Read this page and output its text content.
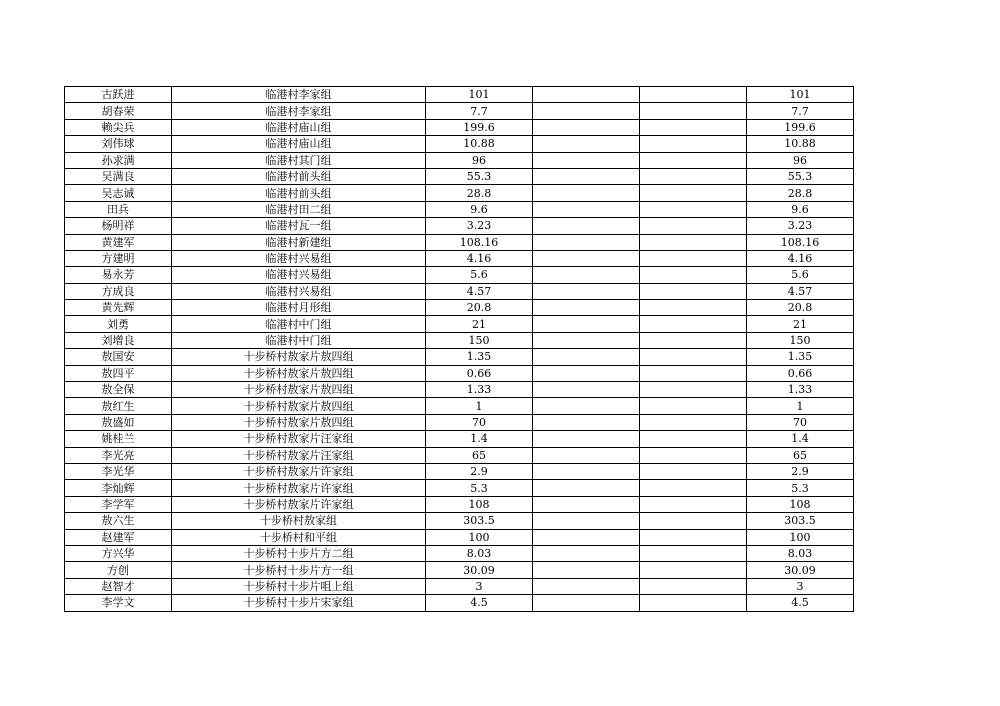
古跃进	临港村李家组	101			101
胡春荣	临港村李家组	7.7			7.7
赖尖兵	临港村庙山组	199.6			199.6
刘伟球	临港村庙山组	10.88			10.88
孙求满	临港村其门组	96			96
吴满良	临港村前头组	55.3			55.3
吴志诚	临港村前头组	28.8			28.8
田兵	临港村田二组	9.6			9.6
杨明祥	临港村瓦一组	3.23			3.23
黄建军	临港村新建组	108.16			108.16
方建明	临港村兴易组	4.16			4.16
易永芳	临港村兴易组	5.6			5.6
方成良	临港村兴易组	4.57			4.57
黄先辉	临港村月形组	20.8			20.8
刘勇	临港村中门组	21			21
刘增良	临港村中门组	150			150
敖国安	十步桥村敖家片敖四组	1.35			1.35
敖四平	十步桥村敖家片敖四组	0.66			0.66
敖全保	十步桥村敖家片敖四组	1.33			1.33
敖红生	十步桥村敖家片敖四组	1			1
敖盛如	十步桥村敖家片敖四组	70			70
姚桂兰	十步桥村敖家片汪家组	1.4			1.4
李光亮	十步桥村敖家片汪家组	65			65
李光华	十步桥村敖家片许家组	2.9			2.9
李灿辉	十步桥村敖家片许家组	5.3			5.3
李学军	十步桥村敖家片许家组	108			108
敖六生	十步桥村敖家组	303.5			303.5
赵建军	十步桥村和平组	100			100
方兴华	十步桥村十步片方二组	8.03			8.03
方创	十步桥村十步片方一组	30.09			30.09
赵智才	十步桥村十步片咀上组	3			3
李学文	十步桥村十步片宋家组	4.5			4.5
